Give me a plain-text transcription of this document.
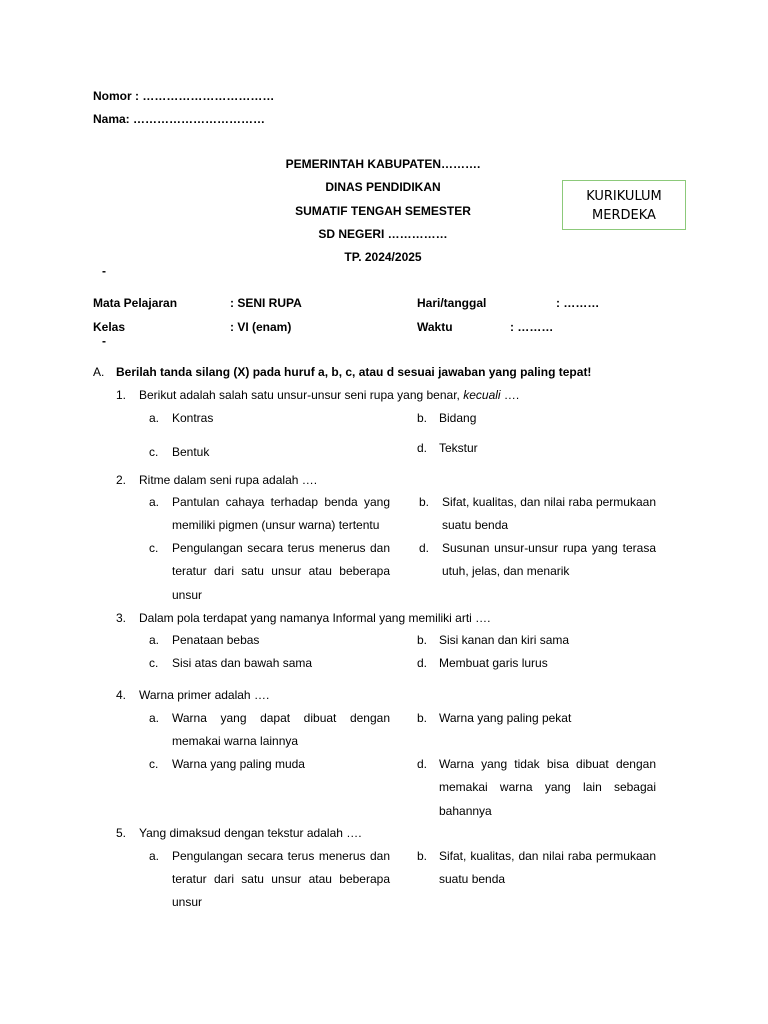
Nomor : ……………………………
Nama: ……………………………
PEMERINTAH KABUPATEN……….
DINAS PENDIDIKAN
SUMATIF TENGAH SEMESTER
SD NEGERI ……………
TP. 2024/2025
KURIKULUM
MERDEKA
-
-
Mata Pelajaran	: SENI RUPA	Hari/tanggal	: ………
Kelas	: VI (enam)	Waktu	: ………
A. Berilah tanda silang (X) pada huruf a, b, c, atau d sesuai jawaban yang paling tepat!
1. Berikut adalah salah satu unsur-unsur seni rupa yang benar, kecuali ….
a. Kontras	b. Bidang
c. Bentuk	d. Tekstur
2. Ritme dalam seni rupa adalah ….
a. Pantulan cahaya terhadap benda yang
memiliki pigmen (unsur warna) tertentu
b. Sifat, kualitas, dan nilai raba permukaan
suatu benda
c. Pengulangan secara terus menerus dan
teratur dari satu unsur atau beberapa
unsur
d. Susunan unsur-unsur rupa yang terasa
utuh, jelas, dan menarik
3. Dalam pola terdapat yang namanya Informal yang memiliki arti ….
a. Penataan bebas	b. Sisi kanan dan kiri sama
c. Sisi atas dan bawah sama	d. Membuat garis lurus
4. Warna primer adalah ….
a. Warna yang dapat dibuat dengan
memakai warna lainnya
b. Warna yang paling pekat
c. Warna yang paling muda	d. Warna yang tidak bisa dibuat dengan
memakai warna yang lain sebagai
bahannya
5. Yang dimaksud dengan tekstur adalah ….
a. Pengulangan secara terus menerus dan
teratur dari satu unsur atau beberapa
unsur
b. Sifat, kualitas, dan nilai raba permukaan
suatu benda
